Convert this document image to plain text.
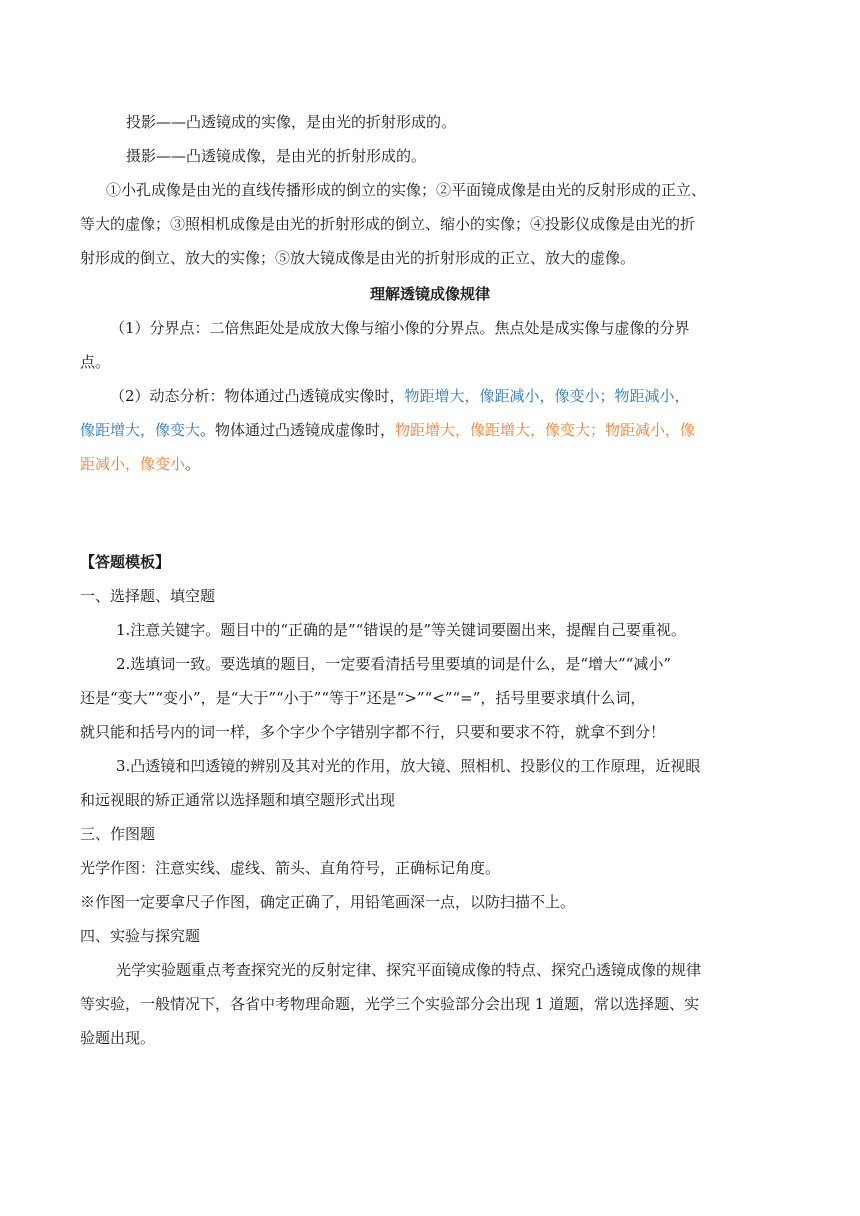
投影——凸透镜成的实像，是由光的折射形成的。
摄影——凸透镜成像，是由光的折射形成的。
①小孔成像是由光的直线传播形成的倒立的实像；②平面镜成像是由光的反射形成的正立、
等大的虚像；③照相机成像是由光的折射形成的倒立、缩小的实像；④投影仪成像是由光的折
射形成的倒立、放大的实像；⑤放大镜成像是由光的折射形成的正立、放大的虚像。
理解透镜成像规律
（1）分界点：二倍焦距处是成放大像与缩小像的分界点。焦点处是成实像与虚像的分界
点。
（2）动态分析：物体通过凸透镜成实像时，物距增大，像距减小，像变小；物距减小，
像距增大，像变大。物体通过凸透镜成虚像时，物距增大，像距增大，像变大；物距减小，像
距减小，像变小。
【答题模板】
一、选择题、填空题
1.注意关键字。题目中的“正确的是”“错误的是”等关键词要圈出来，提醒自己要重视。
2.选填词一致。要选填的题目，一定要看清括号里要填的词是什么，是“增大”“减小”
还是“变大”“变小”，是“大于”“小于”“等于”还是“>”“<”“=”，括号里要求填什么词，
就只能和括号内的词一样，多个字少个字错别字都不行，只要和要求不符，就拿不到分！
3.凸透镜和凹透镜的辨别及其对光的作用，放大镜、照相机、投影仪的工作原理，近视眼
和远视眼的矫正通常以选择题和填空题形式出现
三、作图题
光学作图：注意实线、虚线、箭头、直角符号，正确标记角度。
※作图一定要拿尺子作图，确定正确了，用铅笔画深一点，以防扫描不上。
四、实验与探究题
光学实验题重点考查探究光的反射定律、探究平面镜成像的特点、探究凸透镜成像的规律
等实验，一般情况下，各省中考物理命题，光学三个实验部分会出现 1 道题，常以选择题、实
验题出现。
